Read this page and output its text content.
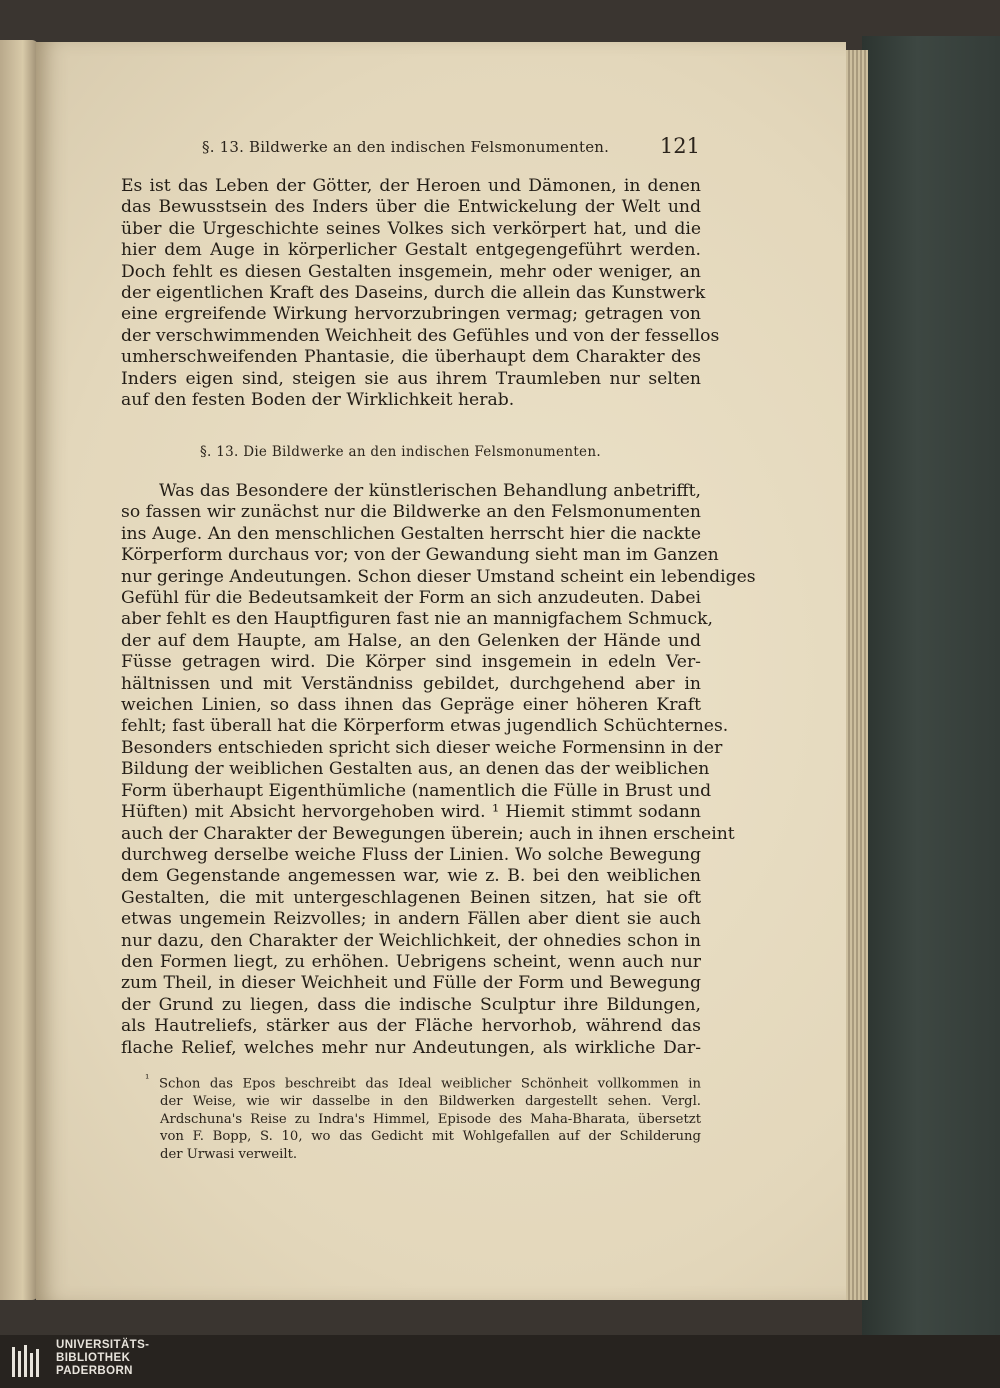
§. 13. Bildwerke an den indischen Felsmonumenten. 121
Es ist das Leben der Götter, der Heroen und Dämonen, in denen
das Bewusstsein des Inders über die Entwickelung der Welt und
über die Urgeschichte seines Volkes sich verkörpert hat, und die
hier dem Auge in körperlicher Gestalt entgegengeführt werden.
Doch fehlt es diesen Gestalten insgemein, mehr oder weniger, an
der eigentlichen Kraft des Daseins, durch die allein das Kunstwerk
eine ergreifende Wirkung hervorzubringen vermag; getragen von
der verschwimmenden Weichheit des Gefühles und von der fessellos
umherschweifenden Phantasie, die überhaupt dem Charakter des
Inders eigen sind, steigen sie aus ihrem Traumleben nur selten
auf den festen Boden der Wirklichkeit herab.
§. 13. Die Bildwerke an den indischen Felsmonumenten.
Was das Besondere der künstlerischen Behandlung anbetrifft,
so fassen wir zunächst nur die Bildwerke an den Felsmonumenten
ins Auge. An den menschlichen Gestalten herrscht hier die nackte
Körperform durchaus vor; von der Gewandung sieht man im Ganzen
nur geringe Andeutungen. Schon dieser Umstand scheint ein lebendiges
Gefühl für die Bedeutsamkeit der Form an sich anzudeuten. Dabei
aber fehlt es den Hauptfiguren fast nie an mannigfachem Schmuck,
der auf dem Haupte, am Halse, an den Gelenken der Hände und
Füsse getragen wird. Die Körper sind insgemein in edeln Ver-
hältnissen und mit Verständniss gebildet, durchgehend aber in
weichen Linien, so dass ihnen das Gepräge einer höheren Kraft
fehlt; fast überall hat die Körperform etwas jugendlich Schüchternes.
Besonders entschieden spricht sich dieser weiche Formensinn in der
Bildung der weiblichen Gestalten aus, an denen das der weiblichen
Form überhaupt Eigenthümliche (namentlich die Fülle in Brust und
Hüften) mit Absicht hervorgehoben wird. ¹ Hiemit stimmt sodann
auch der Charakter der Bewegungen überein; auch in ihnen erscheint
durchweg derselbe weiche Fluss der Linien. Wo solche Bewegung
dem Gegenstande angemessen war, wie z. B. bei den weiblichen
Gestalten, die mit untergeschlagenen Beinen sitzen, hat sie oft
etwas ungemein Reizvolles; in andern Fällen aber dient sie auch
nur dazu, den Charakter der Weichlichkeit, der ohnedies schon in
den Formen liegt, zu erhöhen. Uebrigens scheint, wenn auch nur
zum Theil, in dieser Weichheit und Fülle der Form und Bewegung
der Grund zu liegen, dass die indische Sculptur ihre Bildungen,
als Hautreliefs, stärker aus der Fläche hervorhob, während das
flache Relief, welches mehr nur Andeutungen, als wirkliche Dar-
$^{^1}$ Schon das Epos beschreibt das Ideal weiblicher Schönheit vollkommen in
der Weise, wie wir dasselbe in den Bildwerken dargestellt sehen. Vergl.
Ardschuna's Reise zu Indra's Himmel, Episode des Maha-Bharata, übersetzt
von F. Bopp, S. 10, wo das Gedicht mit Wohlgefallen auf der Schilderung
der Urwasi verweilt.
UNIVERSITÄTS-
BIBLIOTHEK
PADERBORN
